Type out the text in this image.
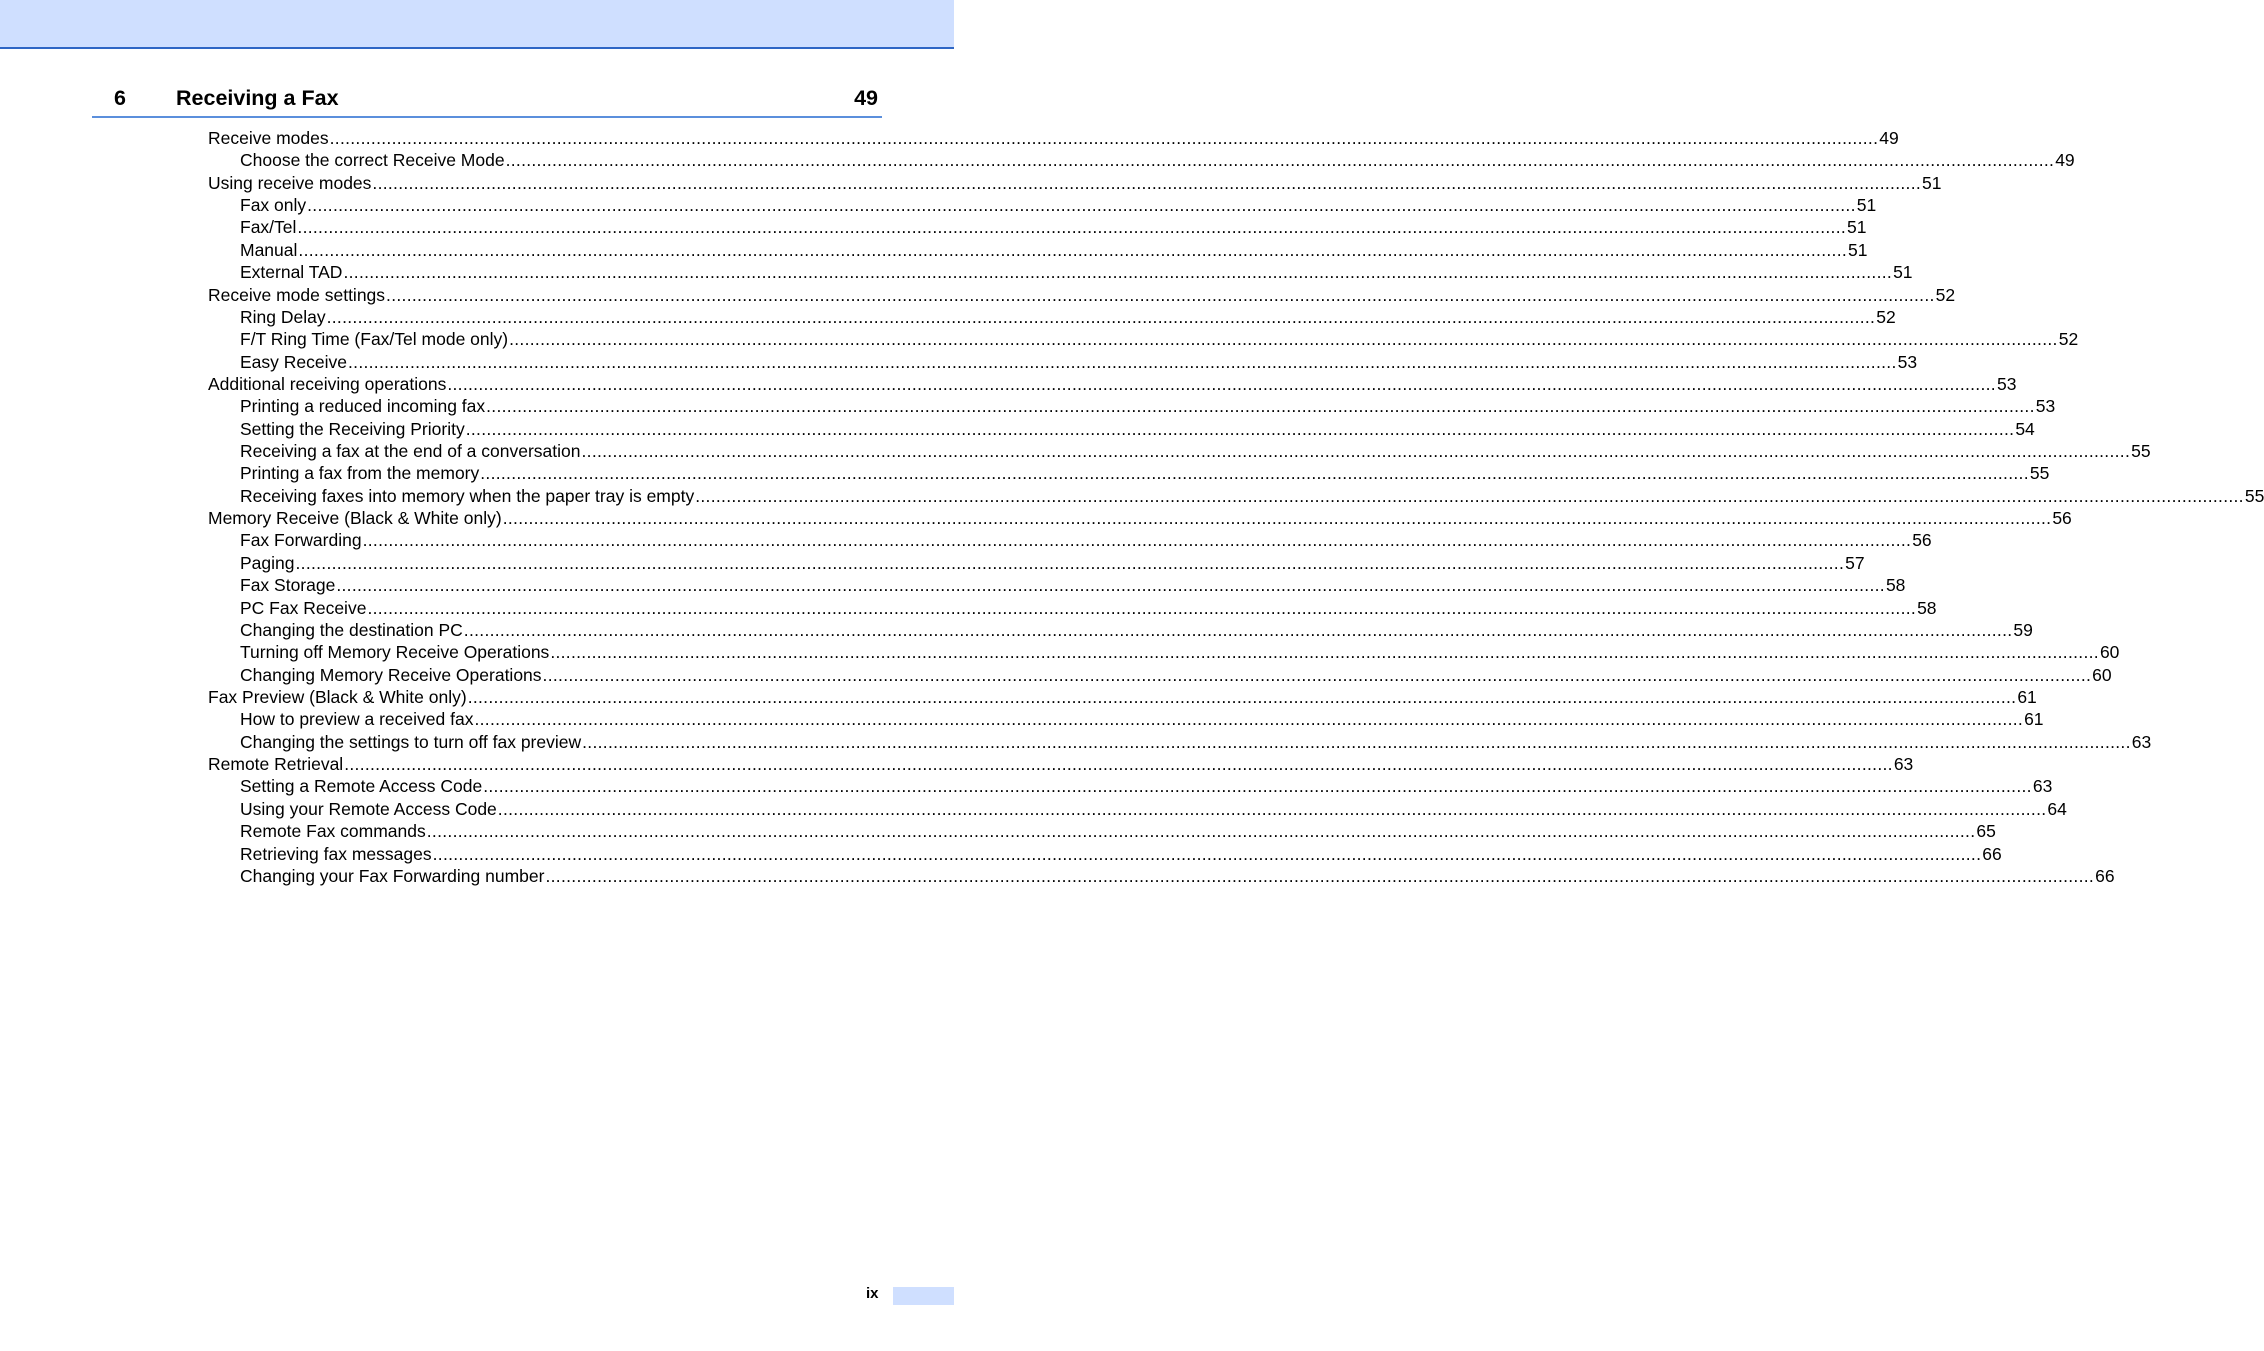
6 Receiving a Fax	49
Receive modes ............................................................................................................................................................................................................................................................................................................ 49
Choose the correct Receive Mode ............................................................................................................................................................................................................................................................................................................ 49
Using receive modes ............................................................................................................................................................................................................................................................................................................ 51
Fax only ............................................................................................................................................................................................................................................................................................................ 51
Fax/Tel ............................................................................................................................................................................................................................................................................................................ 51
Manual ............................................................................................................................................................................................................................................................................................................ 51
External TAD ............................................................................................................................................................................................................................................................................................................ 51
Receive mode settings ............................................................................................................................................................................................................................................................................................................ 52
Ring Delay ............................................................................................................................................................................................................................................................................................................ 52
F/T Ring Time (Fax/Tel mode only) ............................................................................................................................................................................................................................................................................................................ 52
Easy Receive ............................................................................................................................................................................................................................................................................................................ 53
Additional receiving operations ............................................................................................................................................................................................................................................................................................................ 53
Printing a reduced incoming fax ............................................................................................................................................................................................................................................................................................................ 53
Setting the Receiving Priority ............................................................................................................................................................................................................................................................................................................ 54
Receiving a fax at the end of a conversation ............................................................................................................................................................................................................................................................................................................ 55
Printing a fax from the memory ............................................................................................................................................................................................................................................................................................................ 55
Receiving faxes into memory when the paper tray is empty ............................................................................................................................................................................................................................................................................................................ 55
Memory Receive (Black & White only) ............................................................................................................................................................................................................................................................................................................ 56
Fax Forwarding ............................................................................................................................................................................................................................................................................................................ 56
Paging ............................................................................................................................................................................................................................................................................................................ 57
Fax Storage ............................................................................................................................................................................................................................................................................................................ 58
PC Fax Receive ............................................................................................................................................................................................................................................................................................................ 58
Changing the destination PC ............................................................................................................................................................................................................................................................................................................ 59
Turning off Memory Receive Operations ............................................................................................................................................................................................................................................................................................................ 60
Changing Memory Receive Operations ............................................................................................................................................................................................................................................................................................................ 60
Fax Preview (Black & White only) ............................................................................................................................................................................................................................................................................................................ 61
How to preview a received fax ............................................................................................................................................................................................................................................................................................................ 61
Changing the settings to turn off fax preview ............................................................................................................................................................................................................................................................................................................ 63
Remote Retrieval ............................................................................................................................................................................................................................................................................................................ 63
Setting a Remote Access Code ............................................................................................................................................................................................................................................................................................................ 63
Using your Remote Access Code ............................................................................................................................................................................................................................................................................................................ 64
Remote Fax commands ............................................................................................................................................................................................................................................................................................................ 65
Retrieving fax messages ............................................................................................................................................................................................................................................................................................................ 66
Changing your Fax Forwarding number ............................................................................................................................................................................................................................................................................................................ 66
ix
